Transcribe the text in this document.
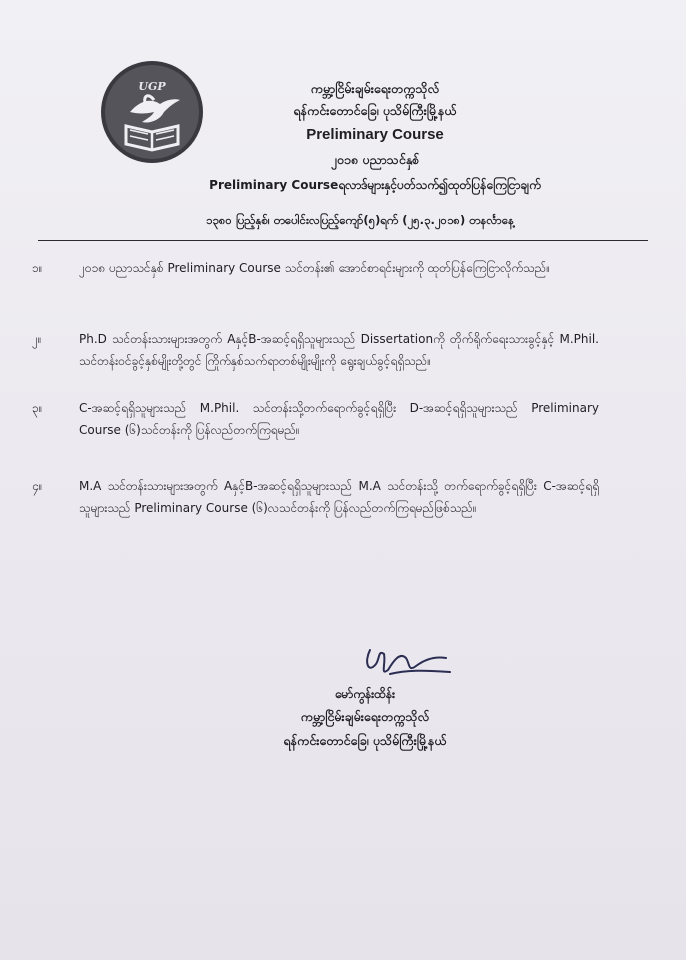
UGP	ကမ္ဘာ့ငြိမ်းချမ်းရေးတက္ကသိုလ်
ရန်ကင်းတောင်ခြေ၊ ပုသိမ်ကြီးမြို့နယ်
Preliminary Course
၂၀၁၈ ပညာသင်နှစ်
Preliminary Courseရလာဒ်များနှင့်ပတ်သက်၍ထုတ်ပြန်ကြေငြာချက်
၁၃၈၀ ပြည့်နှစ်၊ တပေါင်းလပြည့်ကျော်(၅)ရက် (၂၅.၃.၂၀၁၈) တနင်္လာနေ့
၁။	၂၀၁၈ ပညာသင်နှစ် Preliminary Course သင်တန်း၏ အောင်စာရင်းများကို ထုတ်ပြန်ကြေငြာလိုက်သည်။
၂။	Ph.D သင်တန်းသားများအတွက် Aနှင့်B-အဆင့်ရရှိသူများသည် Dissertationကို တိုက်ရိုက်ရေးသားခွင့်နှင့် M.Phil. သင်တန်းဝင်ခွင့်နှစ်မျိုးတို့တွင် ကြိုက်နှစ်သက်ရာတစ်မျိုးမျိုးကို ရွေးချယ်ခွင့်ရရှိသည်။
၃။	C-အဆင့်ရရှိသူများသည် M.Phil. သင်တန်းသို့တက်ရောက်ခွင့်ရရှိပြီး D-အဆင့်ရရှိသူများသည် Preliminary Course (၆)သင်တန်းကို ပြန်လည်တက်ကြရမည်။
၄။	M.A သင်တန်းသားများအတွက် Aနှင့်B-အဆင့်ရရှိသူများသည် M.A သင်တန်းသို့ တက်ရောက်ခွင့်ရရှိပြီး C-အဆင့်ရရှိသူများသည် Preliminary Course (၆)လသင်တန်းကို ပြန်လည်တက်ကြရမည်ဖြစ်သည်။
မော်ကွန်းထိန်း
ကမ္ဘာ့ငြိမ်းချမ်းရေးတက္ကသိုလ်
ရန်ကင်းတောင်ခြေ၊ ပုသိမ်ကြီးမြို့နယ်
